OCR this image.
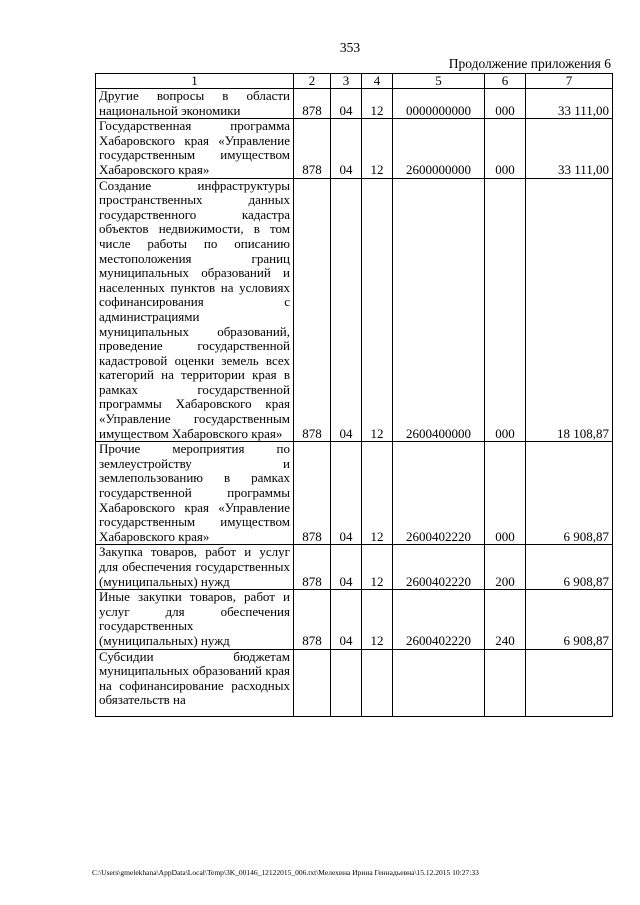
353
Продолжение приложения 6
1	2	3	4	5	6	7
Другие вопросы в области национальной экономики	878	04	12	0000000000	000	33 111,00
Государственная программа Хабаровского края «Управление государственным имуществом Хабаровского края»	878	04	12	2600000000	000	33 111,00
Создание инфраструктуры пространственных данных государственного кадастра объектов недвижимости, в том числе работы по описанию местоположения границ муниципальных образований и населенных пунктов на условиях софинансирования с администрациями муниципальных образований, проведение государственной кадастровой оценки земель всех категорий на территории края в рамках государственной программы Хабаровского края «Управление государственным имуществом Хабаровского края»	878	04	12	2600400000	000	18 108,87
Прочие мероприятия по землеустройству и землепользованию в рамках государственной программы Хабаровского края «Управление государственным имуществом Хабаровского края»	878	04	12	2600402220	000	6 908,87
Закупка товаров, работ и услуг для обеспечения государственных (муниципальных) нужд	878	04	12	2600402220	200	6 908,87
Иные закупки товаров, работ и услуг для обеспечения государственных (муниципальных) нужд	878	04	12	2600402220	240	6 908,87
Субсидии бюджетам муниципальных образований края на софинансирование расходных обязательств на						
C:\Users\gmelekhana\AppData\Local\Temp\3K_00146_12122015_006.txt\Мелехина Ирина Геннадьевна\15.12.2015 10:27:33
